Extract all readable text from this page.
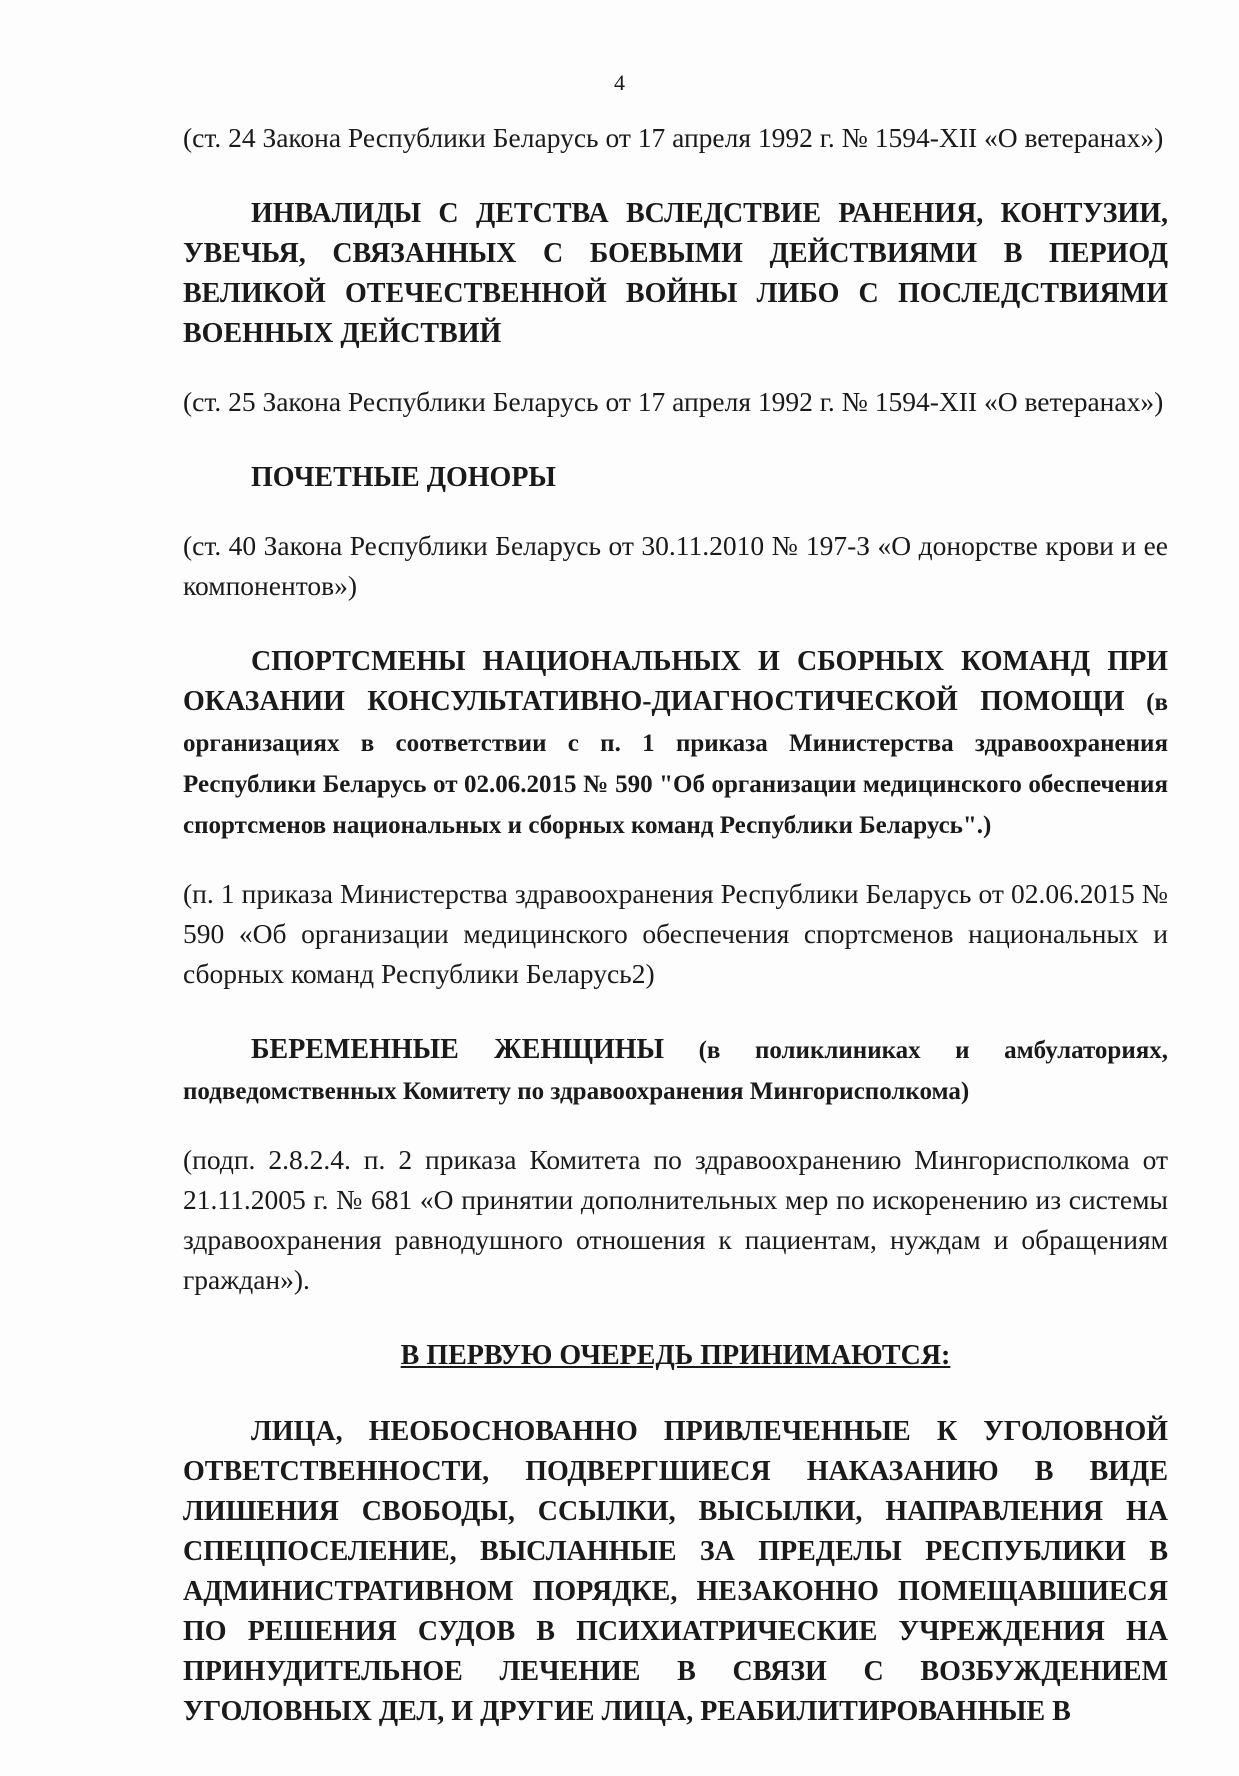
4

(ст. 24 Закона Республики Беларусь от 17 апреля 1992 г. № 1594-XII «О ветеранах»)

ИНВАЛИДЫ С ДЕТСТВА ВСЛЕДСТВИЕ РАНЕНИЯ, КОНТУЗИИ, УВЕЧЬЯ, СВЯЗАННЫХ С БОЕВЫМИ ДЕЙСТВИЯМИ В ПЕРИОД ВЕЛИКОЙ ОТЕЧЕСТВЕННОЙ ВОЙНЫ ЛИБО С ПОСЛЕДСТВИЯМИ ВОЕННЫХ ДЕЙСТВИЙ

(ст. 25 Закона Республики Беларусь от 17 апреля 1992 г. № 1594-XII «О ветеранах»)

ПОЧЕТНЫЕ ДОНОРЫ

(ст. 40 Закона Республики Беларусь от 30.11.2010 № 197-З «О донорстве крови и ее компонентов»)

СПОРТСМЕНЫ НАЦИОНАЛЬНЫХ И СБОРНЫХ КОМАНД ПРИ ОКАЗАНИИ КОНСУЛЬТАТИВНО-ДИАГНОСТИЧЕСКОЙ ПОМОЩИ (в организациях в соответствии с п. 1 приказа Министерства здравоохранения Республики Беларусь от 02.06.2015 № 590 "Об организации медицинского обеспечения спортсменов национальных и сборных команд Республики Беларусь".)

(п. 1 приказа Министерства здравоохранения Республики Беларусь от 02.06.2015 № 590 «Об организации медицинского обеспечения спортсменов национальных и сборных команд Республики Беларусь2)

БЕРЕМЕННЫЕ ЖЕНЩИНЫ (в поликлиниках и амбулаториях, подведомственных Комитету по здравоохранения Мингорисполкома)

(подп. 2.8.2.4. п. 2 приказа Комитета по здравоохранению Мингорисполкома от 21.11.2005 г. № 681 «О принятии дополнительных мер по искоренению из системы здравоохранения равнодушного отношения к пациентам, нуждам и обращениям граждан»).

В ПЕРВУЮ ОЧЕРЕДЬ ПРИНИМАЮТСЯ:

ЛИЦА, НЕОБОСНОВАННО ПРИВЛЕЧЕННЫЕ К УГОЛОВНОЙ ОТВЕТСТВЕННОСТИ, ПОДВЕРГШИЕСЯ НАКАЗАНИЮ В ВИДЕ ЛИШЕНИЯ СВОБОДЫ, ССЫЛКИ, ВЫСЫЛКИ, НАПРАВЛЕНИЯ НА СПЕЦПОСЕЛЕНИЕ, ВЫСЛАННЫЕ ЗА ПРЕДЕЛЫ РЕСПУБЛИКИ В АДМИНИСТРАТИВНОМ ПОРЯДКЕ, НЕЗАКОННО ПОМЕЩАВШИЕСЯ ПО РЕШЕНИЯ СУДОВ В ПСИХИАТРИЧЕСКИЕ УЧРЕЖДЕНИЯ НА ПРИНУДИТЕЛЬНОЕ ЛЕЧЕНИЕ В СВЯЗИ С ВОЗБУЖДЕНИЕМ УГОЛОВНЫХ ДЕЛ, И ДРУГИЕ ЛИЦА, РЕАБИЛИТИРОВАННЫЕ В
